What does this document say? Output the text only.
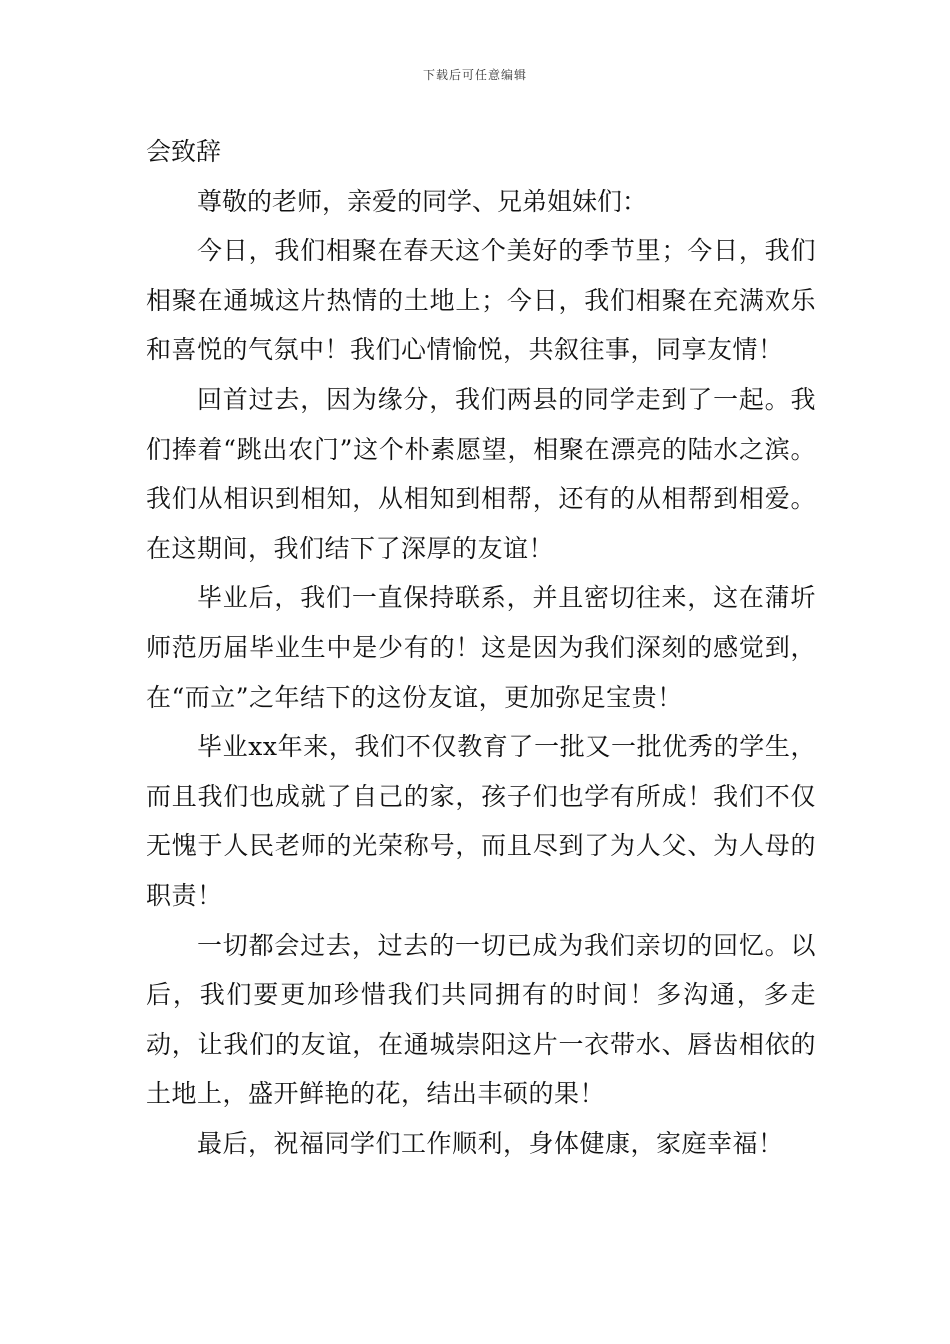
下载后可任意编辑
会致辞

尊敬的老师，亲爱的同学、兄弟姐妹们：

今日，我们相聚在春天这个美好的季节里；今日，我们相聚在通城这片热情的土地上；今日，我们相聚在充满欢乐和喜悦的气氛中！我们心情愉悦，共叙往事，同享友情！

回首过去，因为缘分，我们两县的同学走到了一起。我们捧着“跳出农门”这个朴素愿望，相聚在漂亮的陆水之滨。我们从相识到相知，从相知到相帮，还有的从相帮到相爱。在这期间，我们结下了深厚的友谊！

毕业后，我们一直保持联系，并且密切往来，这在蒲圻师范历届毕业生中是少有的！这是因为我们深刻的感觉到，在“而立”之年结下的这份友谊，更加弥足宝贵！

毕业xx年来，我们不仅教育了一批又一批优秀的学生，而且我们也成就了自己的家，孩子们也学有所成！我们不仅无愧于人民老师的光荣称号，而且尽到了为人父、为人母的职责！

一切都会过去，过去的一切已成为我们亲切的回忆。以后，我们要更加珍惜我们共同拥有的时间！多沟通，多走动，让我们的友谊，在通城崇阳这片一衣带水、唇齿相依的土地上，盛开鲜艳的花，结出丰硕的果！

最后，祝福同学们工作顺利，身体健康，家庭幸福！
